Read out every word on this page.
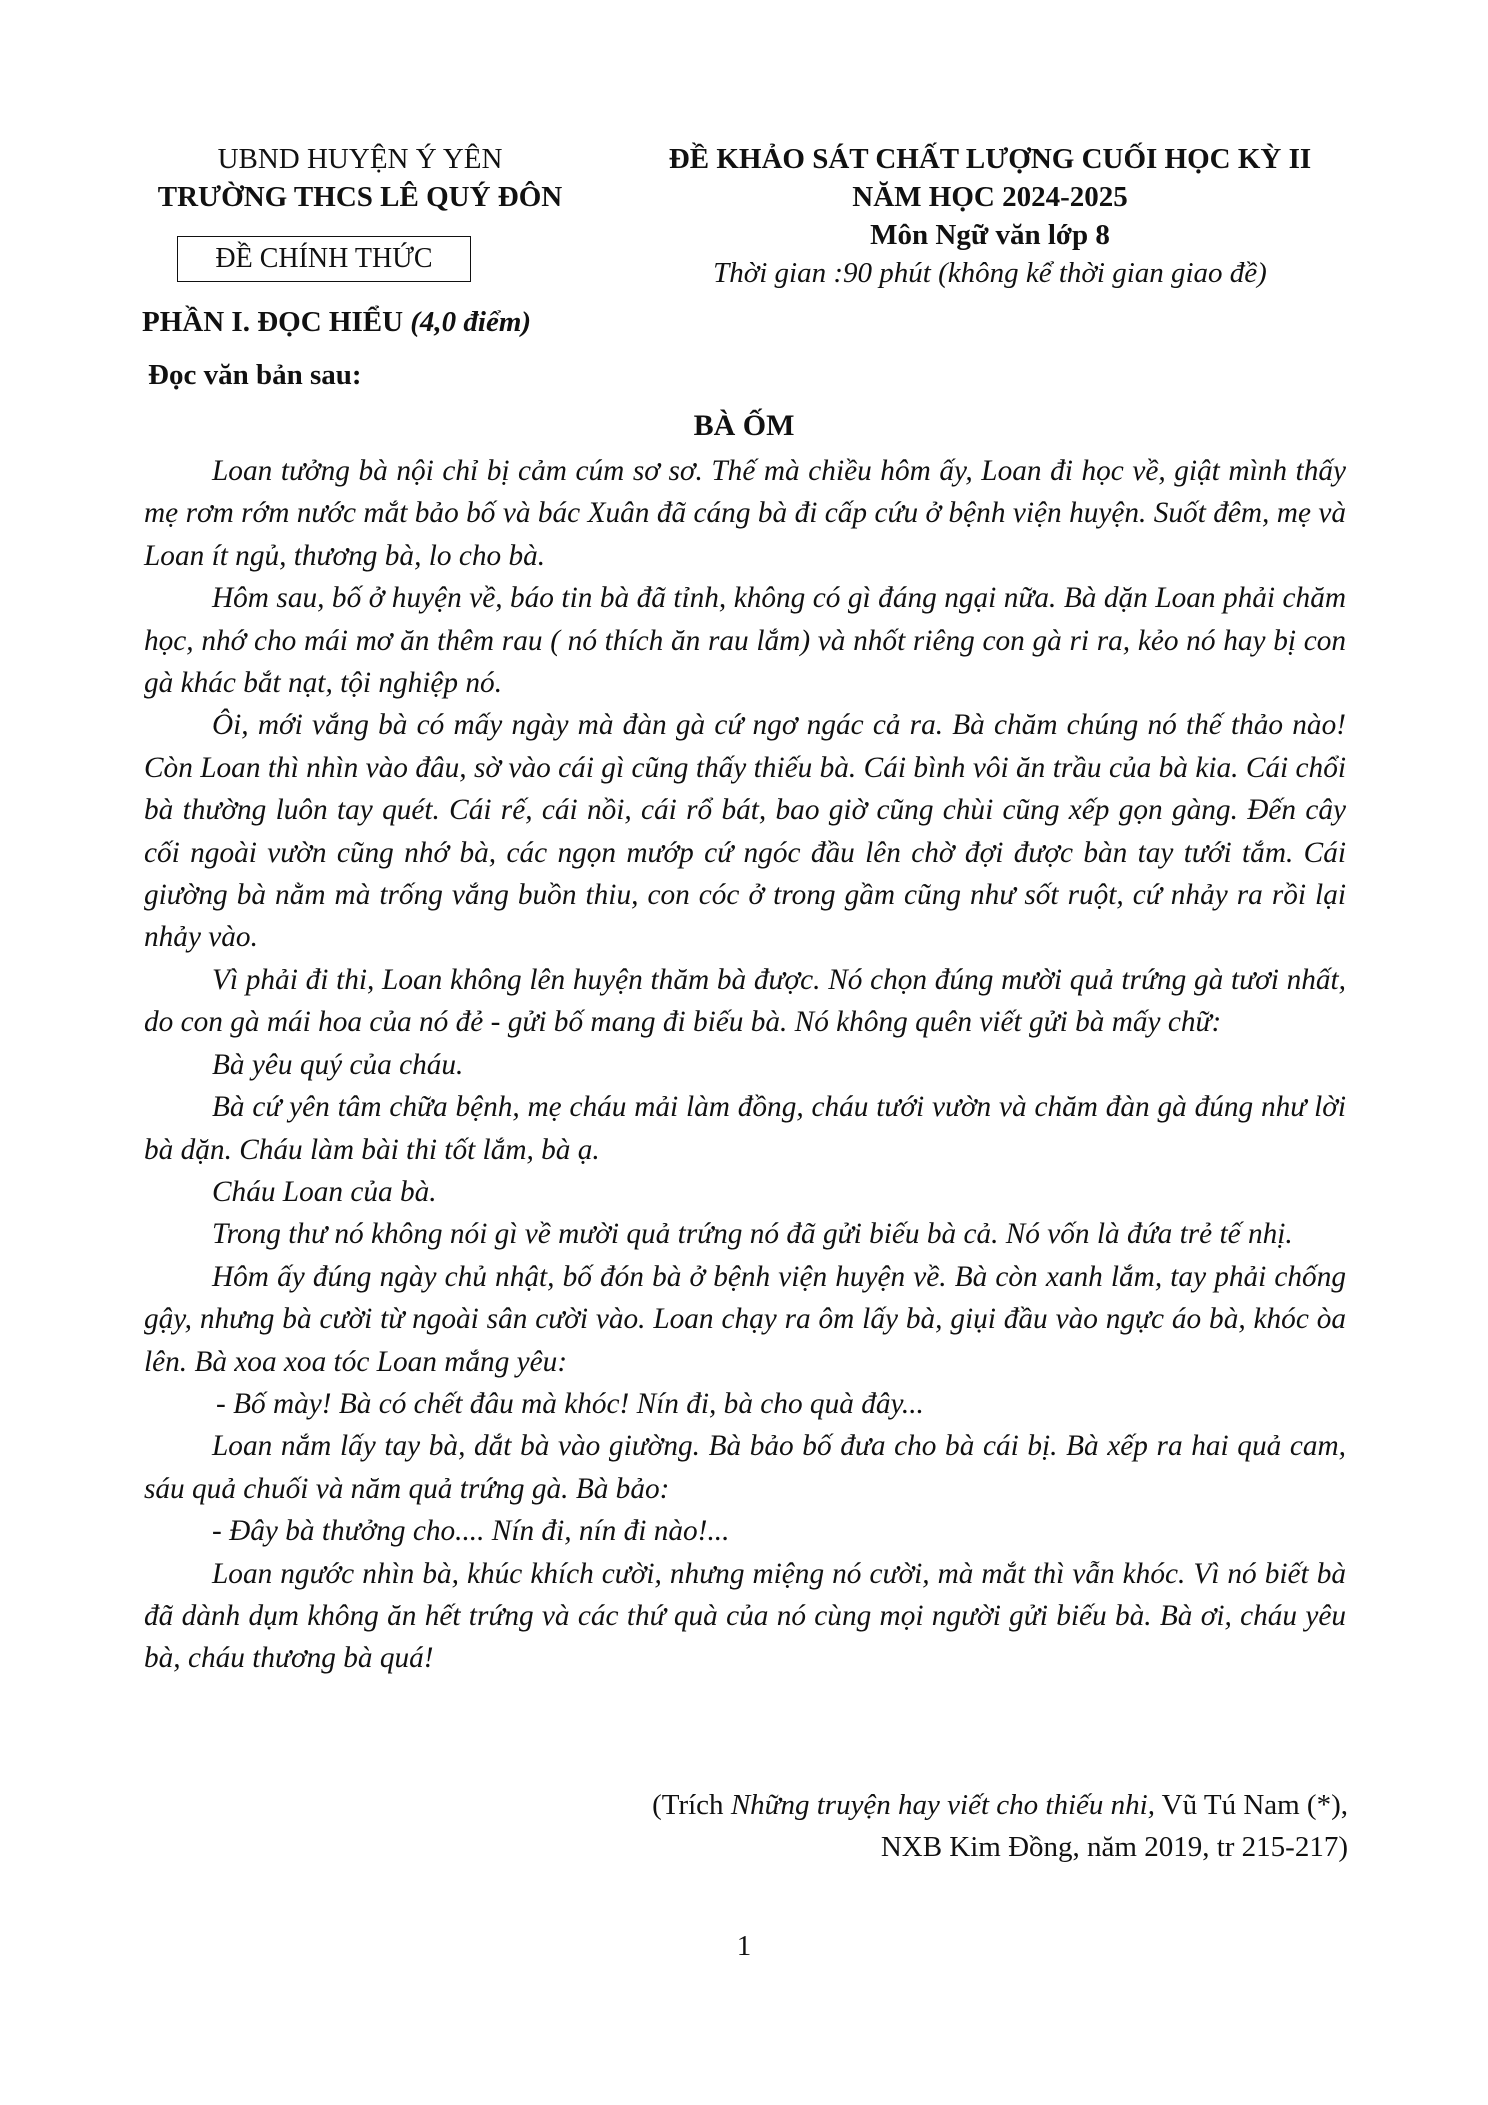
UBND HUYỆN Ý YÊN
TRƯỜNG THCS LÊ QUÝ ĐÔN
ĐỀ KHẢO SÁT CHẤT LƯỢNG CUỐI HỌC KỲ II
NĂM HỌC 2024-2025
Môn Ngữ văn lớp 8
Thời gian :90 phút (không kể thời gian giao đề)
ĐỀ CHÍNH THỨC
PHẦN I. ĐỌC HIỂU (4,0 điểm)
Đọc văn bản sau:
BÀ ỐM

Loan tưởng bà nội chỉ bị cảm cúm sơ sơ. Thế mà chiều hôm ấy, Loan đi học về, giật mình thấy mẹ rơm rớm nước mắt bảo bố và bác Xuân đã cáng bà đi cấp cứu ở bệnh viện huyện. Suốt đêm, mẹ và Loan ít ngủ, thương bà, lo cho bà.

Hôm sau, bố ở huyện về, báo tin bà đã tỉnh, không có gì đáng ngại nữa. Bà dặn Loan phải chăm học, nhớ cho mái mơ ăn thêm rau ( nó thích ăn rau lắm) và nhốt riêng con gà ri ra, kẻo nó hay bị con gà khác bắt nạt, tội nghiệp nó.

Ôi, mới vắng bà có mấy ngày mà đàn gà cứ ngơ ngác cả ra. Bà chăm chúng nó thế thảo nào! Còn Loan thì nhìn vào đâu, sờ vào cái gì cũng thấy thiếu bà. Cái bình vôi ăn trầu của bà kia. Cái chổi bà thường luôn tay quét. Cái rế, cái nồi, cái rổ bát, bao giờ cũng chùi cũng xếp gọn gàng. Đến cây cối ngoài vườn cũng nhớ bà, các ngọn mướp cứ ngóc đầu lên chờ đợi được bàn tay tưới tắm. Cái giường bà nằm mà trống vắng buồn thiu, con cóc ở trong gầm cũng như sốt ruột, cứ nhảy ra rồi lại nhảy vào.

Vì phải đi thi, Loan không lên huyện thăm bà được. Nó chọn đúng mười quả trứng gà tươi nhất, do con gà mái hoa của nó đẻ - gửi bố mang đi biếu bà. Nó không quên viết gửi bà mấy chữ:

Bà yêu quý của cháu.

Bà cứ yên tâm chữa bệnh, mẹ cháu mải làm đồng, cháu tưới vườn và chăm đàn gà đúng như lời bà dặn. Cháu làm bài thi tốt lắm, bà ạ.

Cháu Loan của bà.

Trong thư nó không nói gì về mười quả trứng nó đã gửi biếu bà cả. Nó vốn là đứa trẻ tế nhị.

Hôm ấy đúng ngày chủ nhật, bố đón bà ở bệnh viện huyện về. Bà còn xanh lắm, tay phải chống gậy, nhưng bà cười từ ngoài sân cười vào. Loan chạy ra ôm lấy bà, giụi đầu vào ngực áo bà, khóc òa lên. Bà xoa xoa tóc Loan mắng yêu:

- Bố mày! Bà có chết đâu mà khóc! Nín đi, bà cho quà đây...

Loan nắm lấy tay bà, dắt bà vào giường. Bà bảo bố đưa cho bà cái bị. Bà xếp ra hai quả cam, sáu quả chuối và năm quả trứng gà. Bà bảo:

- Đây bà thưởng cho.... Nín đi, nín đi nào!...

Loan ngước nhìn bà, khúc khích cười, nhưng miệng nó cười, mà mắt thì vẫn khóc. Vì nó biết bà đã dành dụm không ăn hết trứng và các thứ quà của nó cùng mọi người gửi biếu bà. Bà ơi, cháu yêu bà, cháu thương bà quá!

(Trích Những truyện hay viết cho thiếu nhi, Vũ Tú Nam (*),
NXB Kim Đồng, năm 2019, tr 215-217)
1
